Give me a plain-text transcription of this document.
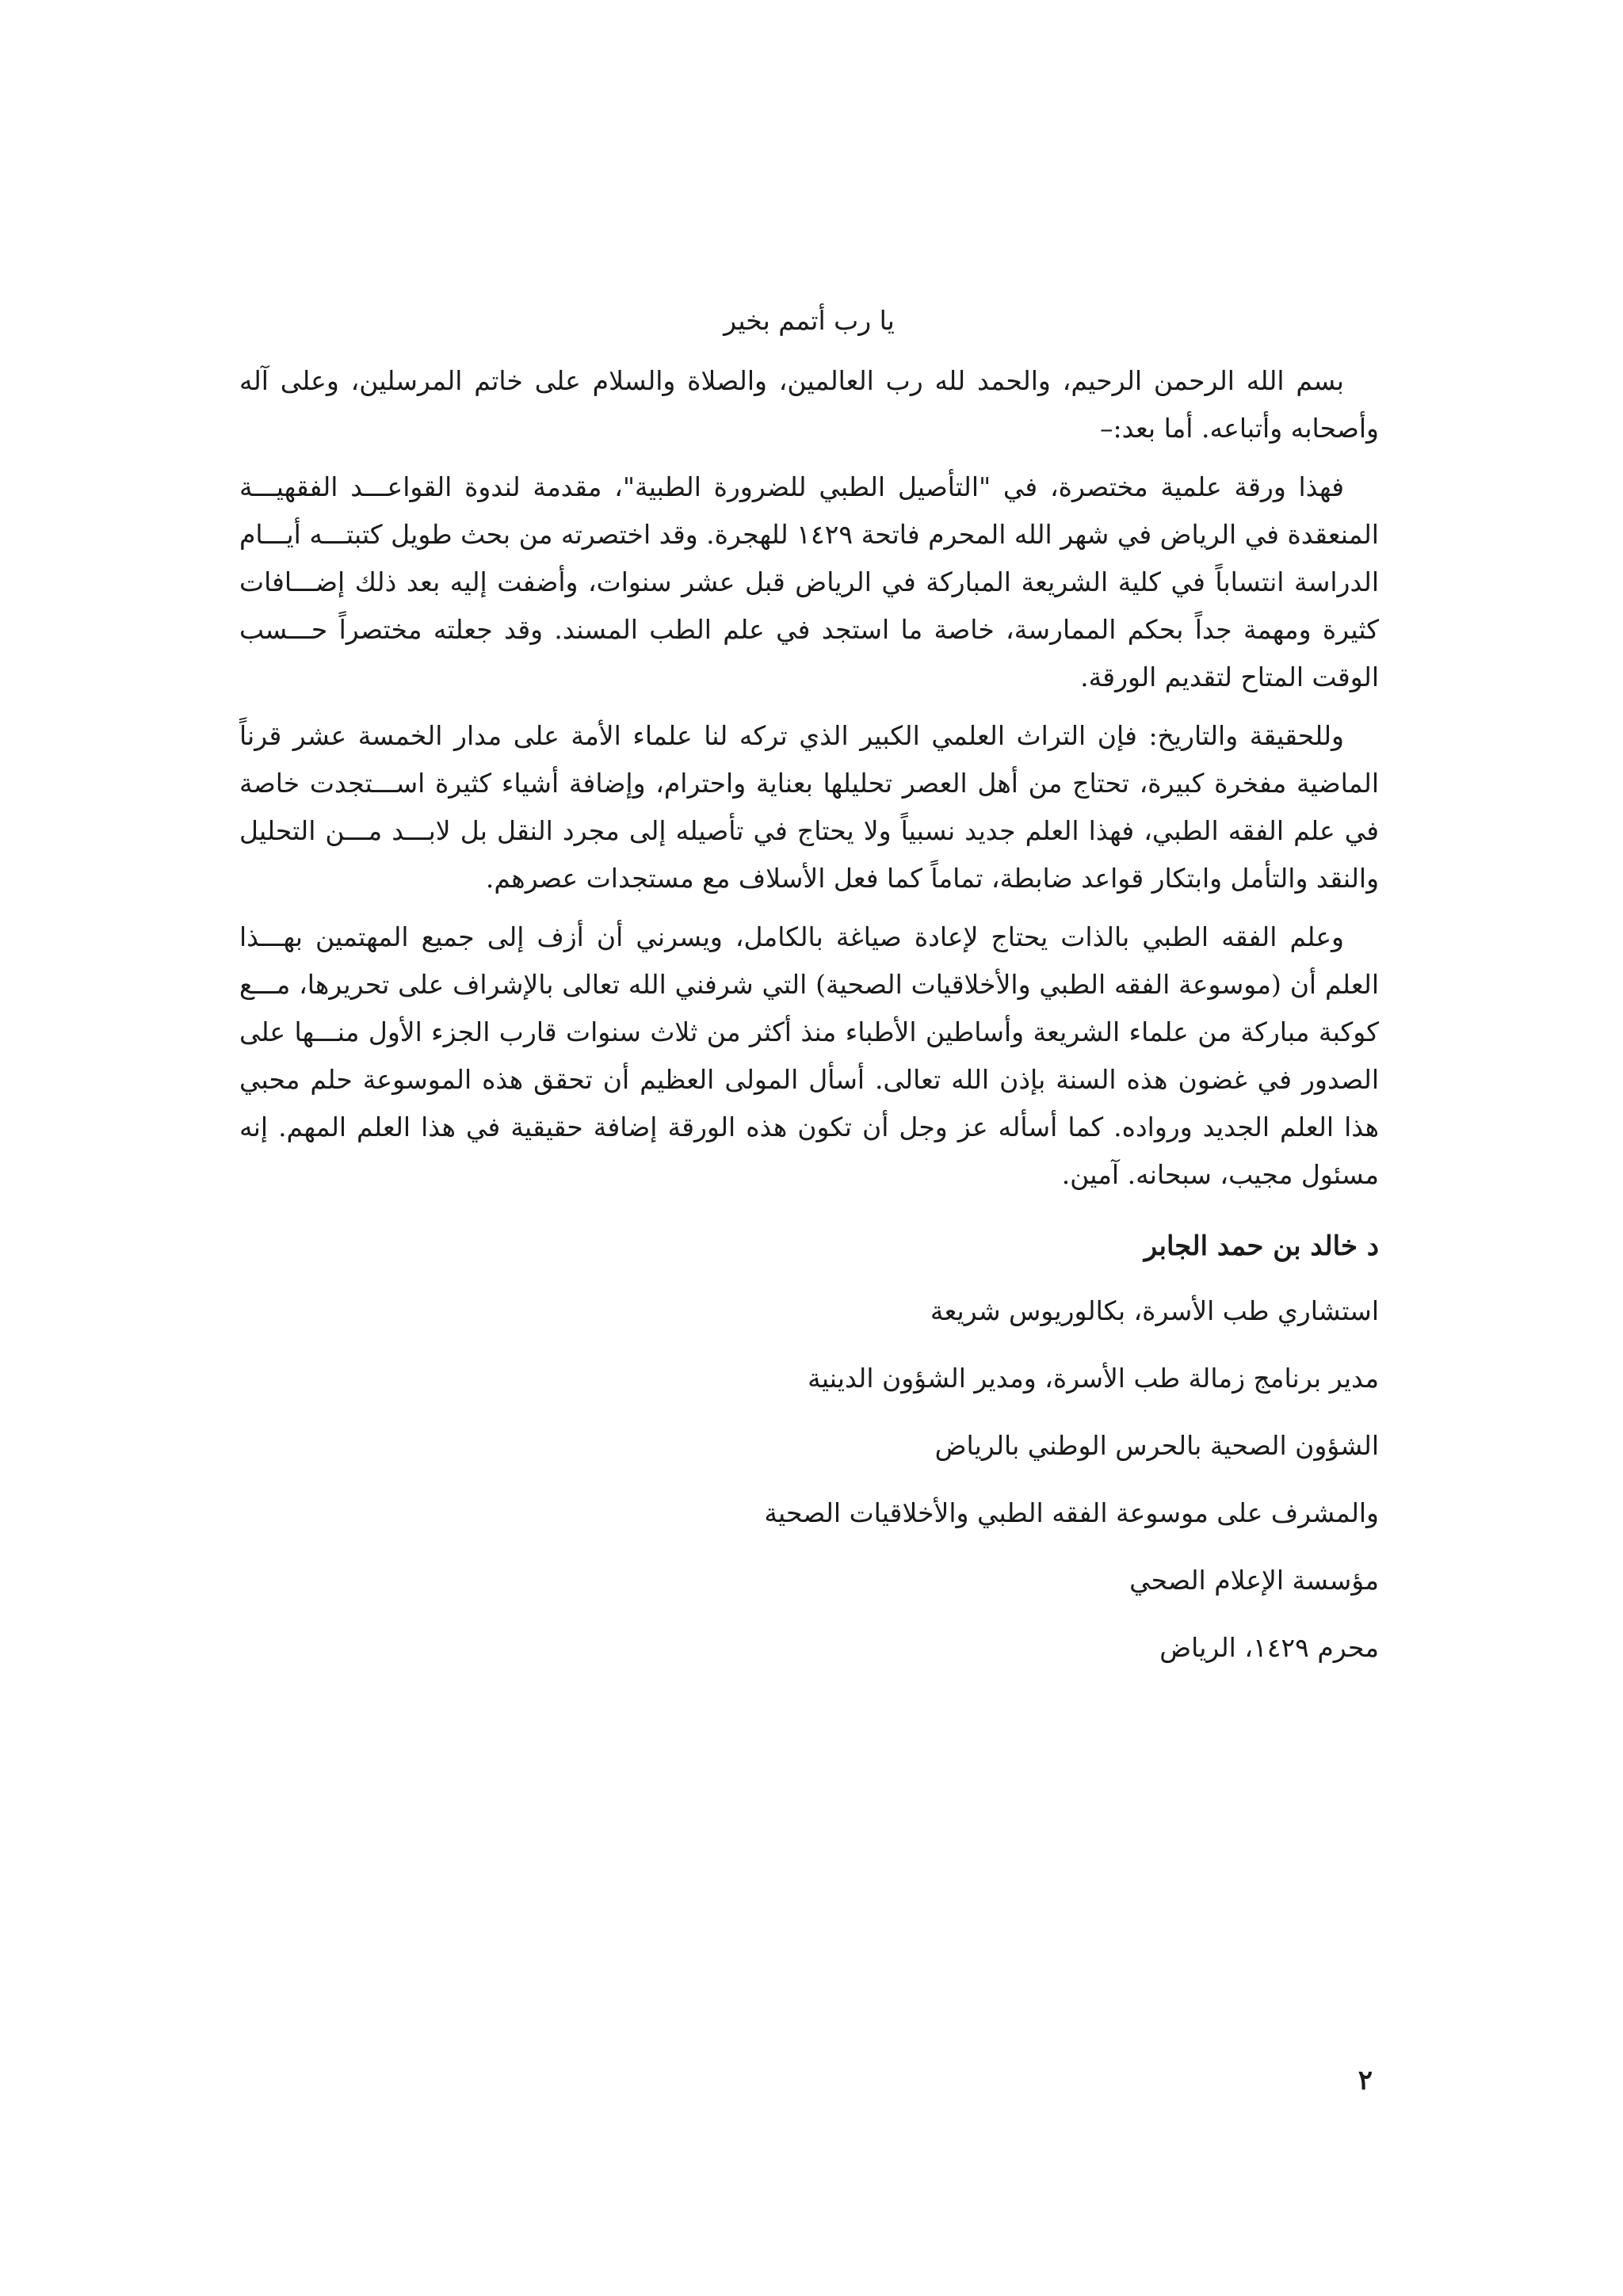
يا رب أتمم بخير

بسم الله الرحمن الرحيم، والحمد لله رب العالمين، والصلاة والسلام على خاتم المرسلين، وعلى آله وأصحابه وأتباعه. أما بعد:–

فهذا ورقة علمية مختصرة، في "التأصيل الطبي للضرورة الطبية"، مقدمة لندوة القواعـــد الفقهيـــة المنعقدة في الرياض في شهر الله المحرم فاتحة ١٤٢٩ للهجرة. وقد اختصرته من بحث طويل كتبتـــه أيـــام الدراسة انتساباً في كلية الشريعة المباركة في الرياض قبل عشر سنوات، وأضفت إليه بعد ذلك إضـــافات كثيرة ومهمة جداً بحكم الممارسة، خاصة ما استجد في علم الطب المسند. وقد جعلته مختصراً حـــسب الوقت المتاح لتقديم الورقة.

وللحقيقة والتاريخ: فإن التراث العلمي الكبير الذي تركه لنا علماء الأمة على مدار الخمسة عشر قرناً الماضية مفخرة كبيرة، تحتاج من أهل العصر تحليلها بعناية واحترام، وإضافة أشياء كثيرة اســـتجدت خاصة في علم الفقه الطبي، فهذا العلم جديد نسبياً ولا يحتاج في تأصيله إلى مجرد النقل بل لابـــد مـــن التحليل والنقد والتأمل وابتكار قواعد ضابطة، تماماً كما فعل الأسلاف مع مستجدات عصرهم.

وعلم الفقه الطبي بالذات يحتاج لإعادة صياغة بالكامل، ويسرني أن أزف إلى جميع المهتمين بهـــذا العلم أن (موسوعة الفقه الطبي والأخلاقيات الصحية) التي شرفني الله تعالى بالإشراف على تحريرها، مـــع كوكبة مباركة من علماء الشريعة وأساطين الأطباء منذ أكثر من ثلاث سنوات قارب الجزء الأول منـــها على الصدور في غضون هذه السنة بإذن الله تعالى. أسأل المولى العظيم أن تحقق هذه الموسوعة حلم محبي هذا العلم الجديد ورواده. كما أسأله عز وجل أن تكون هذه الورقة إضافة حقيقية في هذا العلم المهم. إنه مسئول مجيب، سبحانه. آمين.

د خالد بن حمد الجابر
استشاري طب الأسرة، بكالوريوس شريعة
مدير برنامج زمالة طب الأسرة، ومدير الشؤون الدينية
الشؤون الصحية بالحرس الوطني بالرياض
والمشرف على موسوعة الفقه الطبي والأخلاقيات الصحية
مؤسسة الإعلام الصحي
محرم ١٤٢٩، الرياض
٢
